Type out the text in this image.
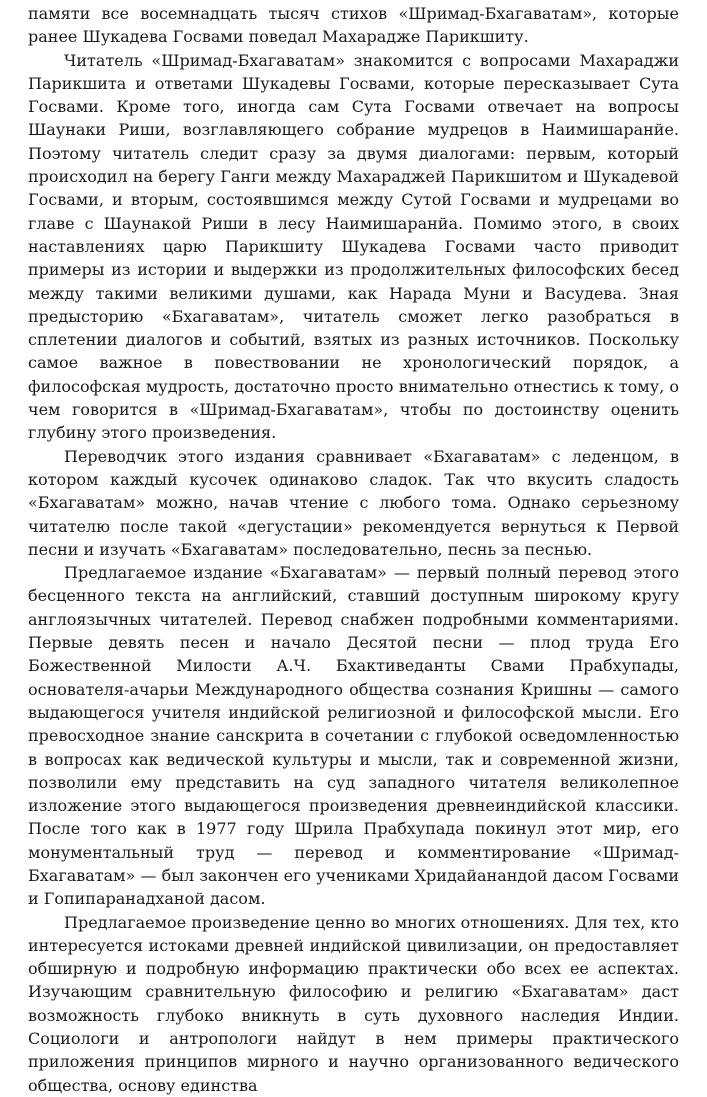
памяти все восемнадцать тысяч стихов «Шримад-Бхагаватам», которые ранее Шукадева Госвами поведал Махарадже Парикшиту.

Читатель «Шримад-Бхагаватам» знакомится с вопросами Махараджи Парикшита и ответами Шукадевы Госвами, которые пересказывает Сута Госвами. Кроме того, иногда сам Сута Госвами отвечает на вопросы Шаунаки Риши, возглавляющего собрание мудрецов в Наимишаранйе. Поэтому читатель следит сразу за двумя диалогами: первым, который происходил на берегу Ганги между Махараджей Парикшитом и Шукадевой Госвами, и вторым, состоявшимся между Сутой Госвами и мудрецами во главе с Шаунакой Риши в лесу Наимишаранйа. Помимо этого, в своих наставлениях царю Парикшиту Шукадева Госвами часто приводит примеры из истории и выдержки из продолжительных философских бесед между такими великими душами, как Нарада Муни и Васудева. Зная предысторию «Бхагаватам», читатель сможет легко разобраться в сплетении диалогов и событий, взятых из разных источников. Поскольку самое важное в повествовании не хронологический порядок, а философская мудрость, достаточно просто внимательно отнестись к тому, о чем говорится в «Шримад-Бхагаватам», чтобы по достоинству оценить глубину этого произведения.

Переводчик этого издания сравнивает «Бхагаватам» с леденцом, в котором каждый кусочек одинаково сладок. Так что вкусить сладость «Бхагаватам» можно, начав чтение с любого тома. Однако серьезному читателю после такой «дегустации» рекомендуется вернуться к Первой песни и изучать «Бхагаватам» последовательно, песнь за песнью.

Предлагаемое издание «Бхагаватам» — первый полный перевод этого бесценного текста на английский, ставший доступным широкому кругу англоязычных читателей. Перевод снабжен подробными комментариями. Первые девять песен и начало Десятой песни — плод труда Его Божественной Милости А.Ч. Бхактиведанты Свами Прабхупады, основателя-ачарьи Международного общества сознания Кришны — самого выдающегося учителя индийской религиозной и философской мысли. Его превосходное знание санскрита в сочетании с глубокой осведомленностью в вопросах как ведической культуры и мысли, так и современной жизни, позволили ему представить на суд западного читателя великолепное изложение этого выдающегося произведения древнеиндийской классики. После того как в 1977 году Шрила Прабхупада покинул этот мир, его монументальный труд — перевод и комментирование «Шримад-Бхагаватам» — был закончен его учениками Хридайанандой дасом Госвами и Гопипаранадханой дасом.

Предлагаемое произведение ценно во многих отношениях. Для тех, кто интересуется истоками древней индийской цивилизации, он предоставляет обширную и подробную информацию практически обо всех ее аспектах. Изучающим сравнительную философию и религию «Бхагаватам» даст возможность глубоко вникнуть в суть духовного наследия Индии. Социологи и антропологи найдут в нем примеры практического приложения принципов мирного и научно организованного ведического общества, основу единства
